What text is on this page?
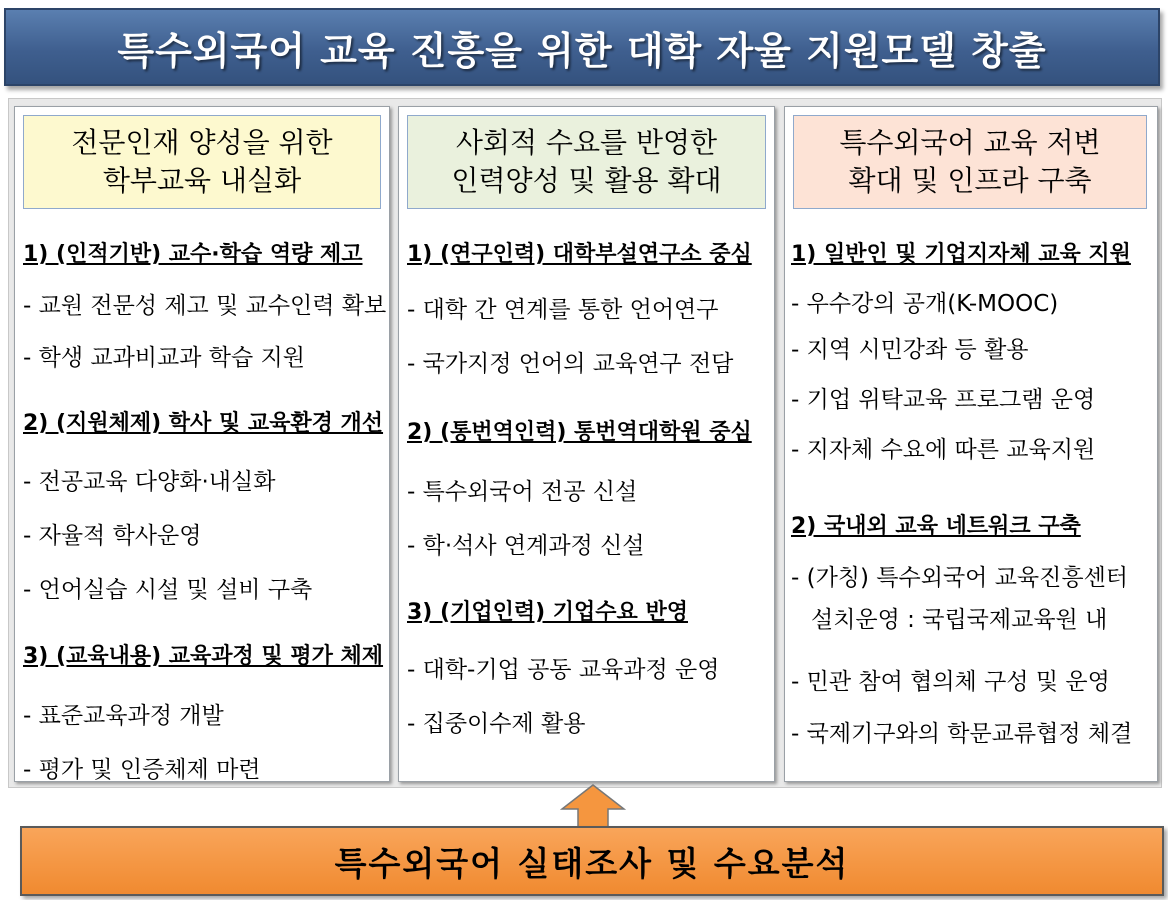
특수외국어 교육 진흥을 위한 대학 자율 지원모델 창출
전문인재 양성을 위한
학부교육 내실화
1) (인적기반) 교수·학습 역량 제고
- 교원 전문성 제고 및 교수인력 확보
- 학생 교과비교과 학습 지원
2) (지원체제) 학사 및 교육환경 개선
- 전공교육 다양화·내실화
- 자율적 학사운영
- 언어실습 시설 및 설비 구축
3) (교육내용) 교육과정 및 평가 체제
- 표준교육과정 개발
- 평가 및 인증체제 마련
사회적 수요를 반영한
인력양성 및 활용 확대
1) (연구인력) 대학부설연구소 중심
- 대학 간 연계를 통한 언어연구
- 국가지정 언어의 교육연구 전담
2) (통번역인력) 통번역대학원 중심
- 특수외국어 전공 신설
- 학·석사 연계과정 신설
3) (기업인력) 기업수요 반영
- 대학-기업 공동 교육과정 운영
- 집중이수제 활용
특수외국어 교육 저변
확대 및 인프라 구축
1) 일반인 및 기업지자체 교육 지원
- 우수강의 공개(K-MOOC)
- 지역 시민강좌 등 활용
- 기업 위탁교육 프로그램 운영
- 지자체 수요에 따른 교육지원
2) 국내외 교육 네트워크 구축
- (가칭) 특수외국어 교육진흥센터
설치운영 : 국립국제교육원 내
- 민관 참여 협의체 구성 및 운영
- 국제기구와의 학문교류협정 체결
특수외국어 실태조사 및 수요분석
